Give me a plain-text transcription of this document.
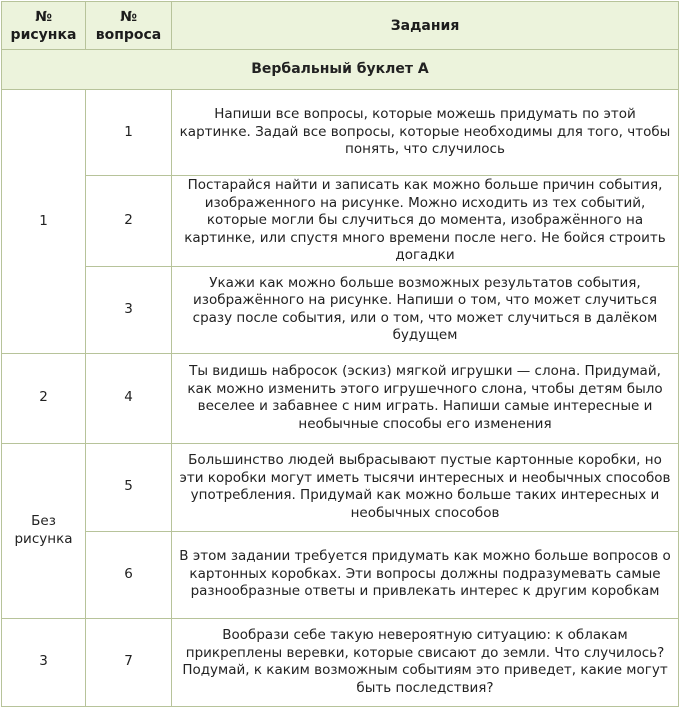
№ рисунка	№ вопроса	Задания
Вербальный буклет А		
1	1	Напиши все вопросы, которые можешь придумать по этой картинке. Задай все вопросы, которые необходимы для того, чтобы понять, что случилось
	2	Постарайся найти и записать как можно больше причин события, изображенного на рисунке. Можно исходить из тех событий, которые могли бы случиться до момента, изображённого на картинке, или спустя много времени после него. Не бойся строить догадки
	3	Укажи как можно больше возможных результатов события, изображённого на рисунке. Напиши о том, что может случиться сразу после события, или о том, что может случиться в далёком будущем
2	4	Ты видишь набросок (эскиз) мягкой игрушки — слона. Придумай, как можно изменить этого игрушечного слона, чтобы детям было веселее и забавнее с ним играть. Напиши самые интересные и необычные способы его изменения
Без рисунка	5	Большинство людей выбрасывают пустые картонные коробки, но эти коробки могут иметь тысячи интересных и необычных способов употребления. Придумай как можно больше таких интересных и необычных способов
	6	В этом задании требуется придумать как можно больше вопросов о картонных коробках. Эти вопросы должны подразумевать самые разнообразные ответы и привлекать интерес к другим коробкам
3	7	Вообрази себе такую невероятную ситуацию: к облакам прикреплены веревки, которые свисают до земли. Что случилось? Подумай, к каким возможным событиям это приведет, какие могут быть последствия?
